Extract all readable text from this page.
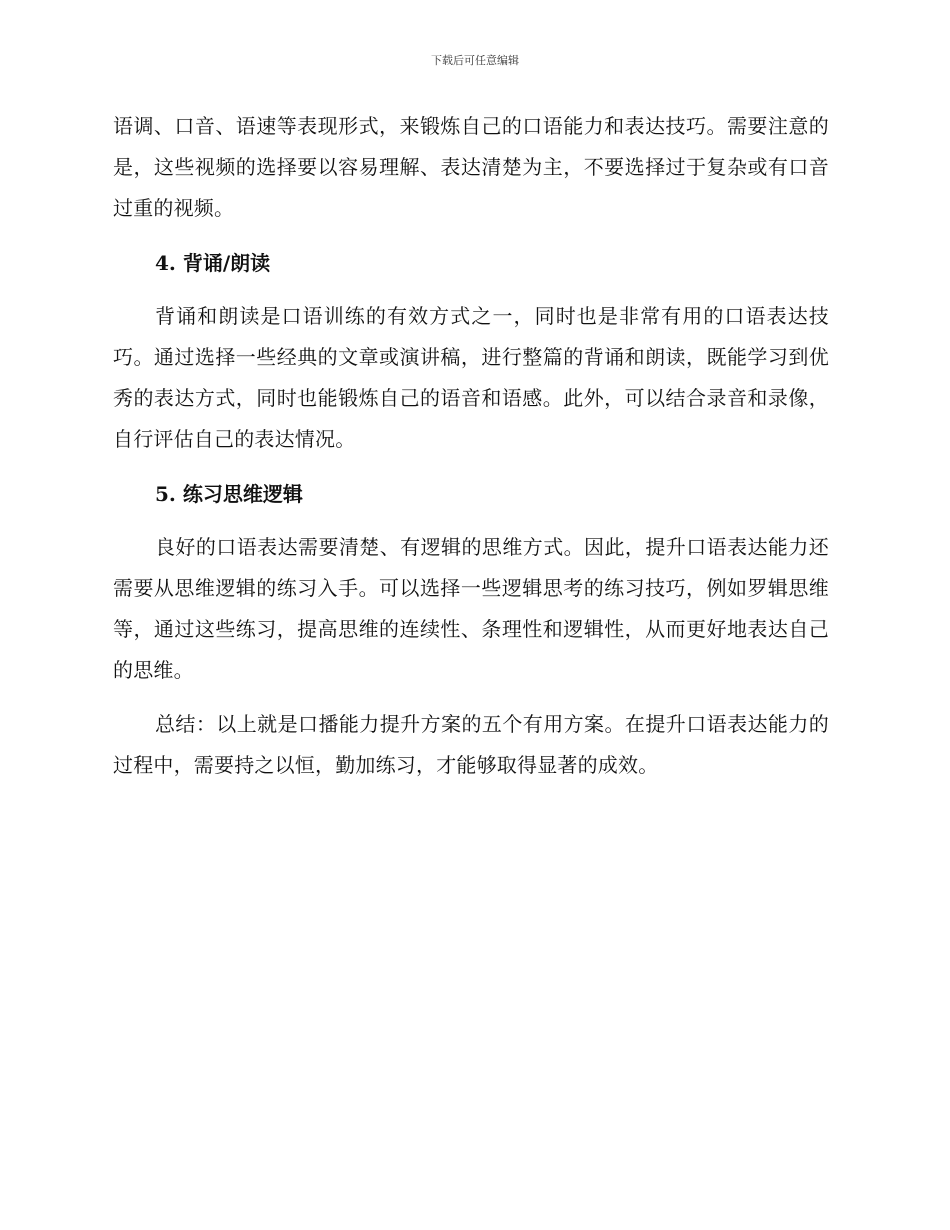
下载后可任意编辑

语调、口音、语速等表现形式，来锻炼自己的口语能力和表达技巧。需要注意的是，这些视频的选择要以容易理解、表达清楚为主，不要选择过于复杂或有口音过重的视频。

4. 背诵/朗读

背诵和朗读是口语训练的有效方式之一，同时也是非常有用的口语表达技巧。通过选择一些经典的文章或演讲稿，进行整篇的背诵和朗读，既能学习到优秀的表达方式，同时也能锻炼自己的语音和语感。此外，可以结合录音和录像，自行评估自己的表达情况。

5. 练习思维逻辑

良好的口语表达需要清楚、有逻辑的思维方式。因此，提升口语表达能力还需要从思维逻辑的练习入手。可以选择一些逻辑思考的练习技巧，例如罗辑思维等，通过这些练习，提高思维的连续性、条理性和逻辑性，从而更好地表达自己的思维。

总结：以上就是口播能力提升方案的五个有用方案。在提升口语表达能力的过程中，需要持之以恒，勤加练习，才能够取得显著的成效。
